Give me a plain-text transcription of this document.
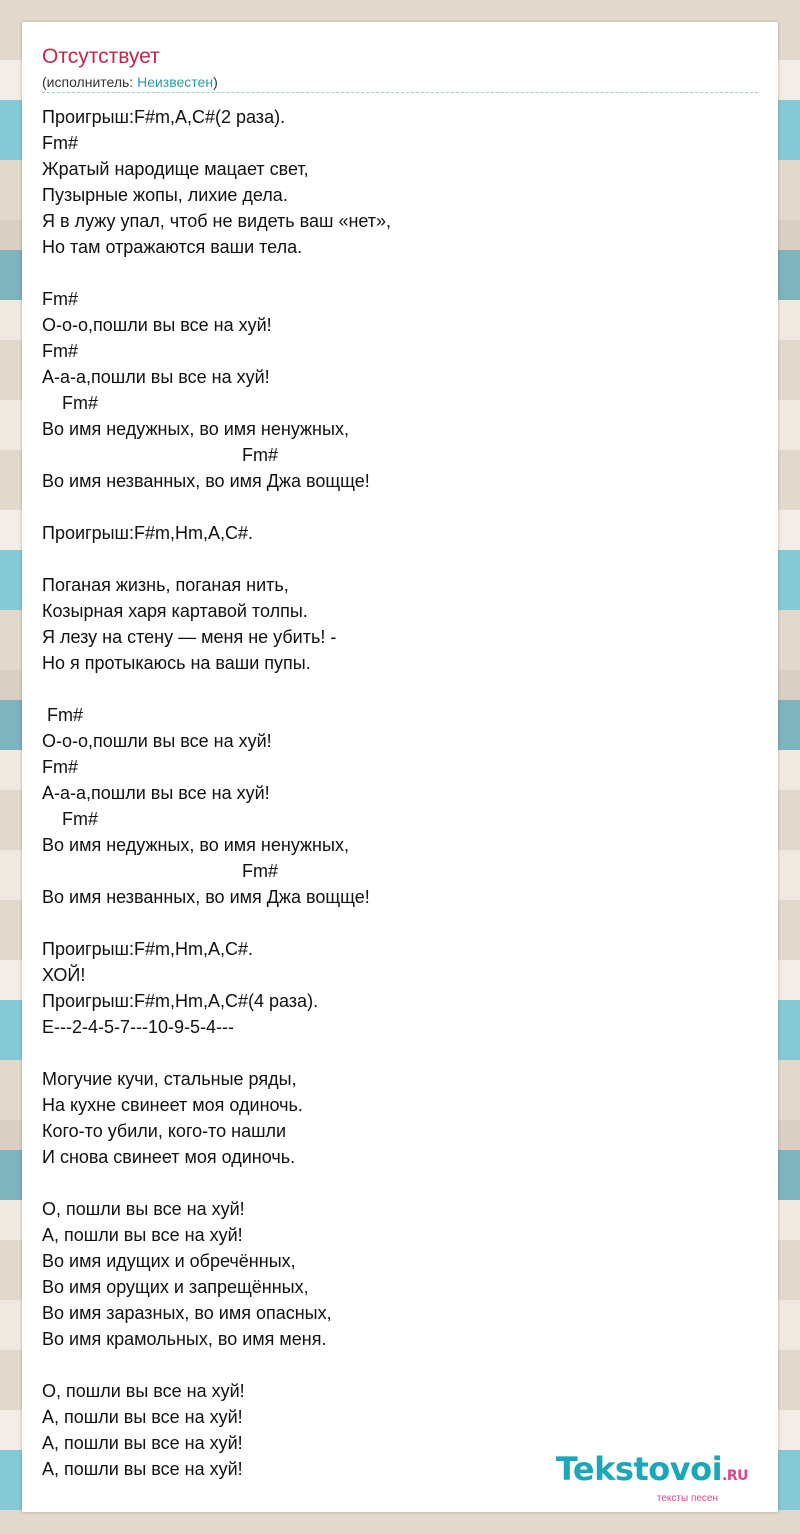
Отсутствует
(исполнитель: Неизвестен)
Проигрыш:F#m,A,C#(2 раза).
Fm#
Жратый народище мацает свет,
Пузырные жопы, лихие дела.
Я в лужу упал, чтоб не видеть ваш «нет»,
Но там отражаются ваши тела.

Fm#
О-о-о,пошли вы все на хуй!
Fm#
А-а-а,пошли вы все на хуй!
Fm#
Во имя недужных, во имя ненужных,
Fm#
Во имя незванных, во имя Джа вощще!

Проигрыш:F#m,Hm,A,C#.

Поганая жизнь, поганая нить,
Козырная харя картавой толпы.
Я лезу на стену — меня не убить! -
Но я протыкаюсь на ваши пупы.

Fm#
О-о-о,пошли вы все на хуй!
Fm#
А-а-а,пошли вы все на хуй!
Fm#
Во имя недужных, во имя ненужных,
Fm#
Во имя незванных, во имя Джа вощще!

Проигрыш:F#m,Hm,A,C#.
ХОЙ!
Проигрыш:F#m,Hm,A,C#(4 раза).
E---2-4-5-7---10-9-5-4---

Могучие кучи, стальные ряды,
На кухне свинеет моя одиночь.
Кого-то убили, кого-то нашли
И снова свинеет моя одиночь.

О, пошли вы все на хуй!
А, пошли вы все на хуй!
Во имя идущих и обречённых,
Во имя орущих и запрещённых,
Во имя заразных, во имя опасных,
Во имя крамольных, во имя меня.

О, пошли вы все на хуй!
А, пошли вы все на хуй!
А, пошли вы все на хуй!
А, пошли вы все на хуй!	Tekstovoi.RU
тексты песен
